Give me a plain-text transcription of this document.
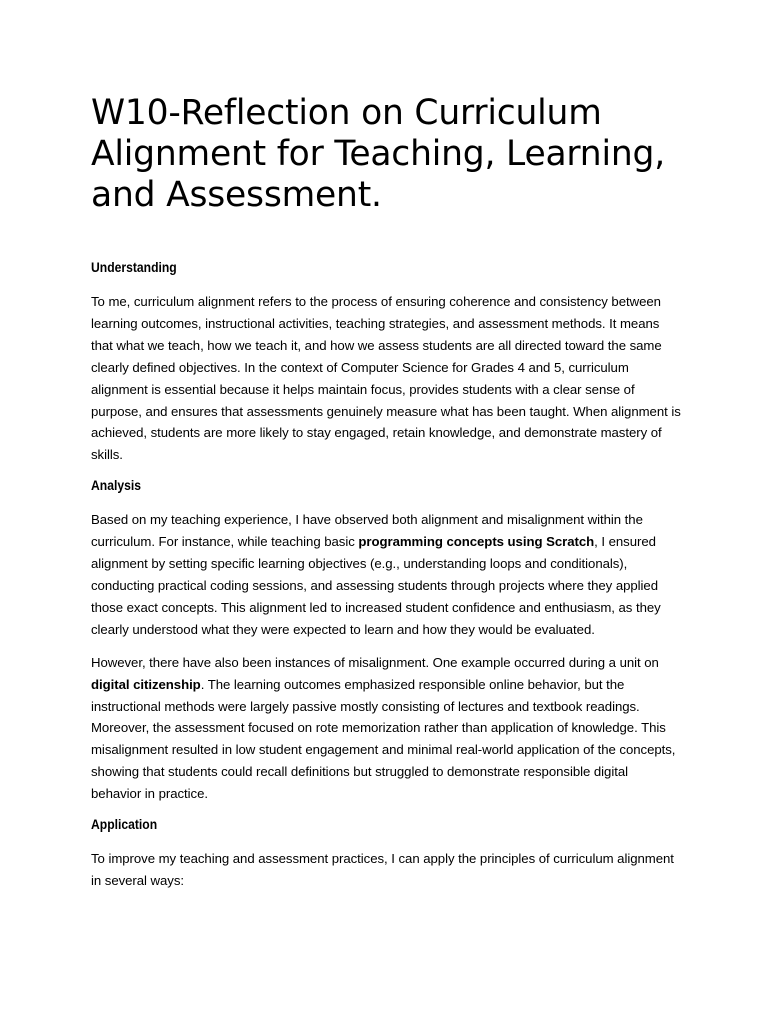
W10-Reflection on Curriculum Alignment for Teaching, Learning, and Assessment.
Understanding

To me, curriculum alignment refers to the process of ensuring coherence and consistency between learning outcomes, instructional activities, teaching strategies, and assessment methods. It means that what we teach, how we teach it, and how we assess students are all directed toward the same clearly defined objectives. In the context of Computer Science for Grades 4 and 5, curriculum alignment is essential because it helps maintain focus, provides students with a clear sense of purpose, and ensures that assessments genuinely measure what has been taught. When alignment is achieved, students are more likely to stay engaged, retain knowledge, and demonstrate mastery of skills.

Analysis

Based on my teaching experience, I have observed both alignment and misalignment within the curriculum. For instance, while teaching basic programming concepts using Scratch, I ensured alignment by setting specific learning objectives (e.g., understanding loops and conditionals), conducting practical coding sessions, and assessing students through projects where they applied those exact concepts. This alignment led to increased student confidence and enthusiasm, as they clearly understood what they were expected to learn and how they would be evaluated.

However, there have also been instances of misalignment. One example occurred during a unit on digital citizenship. The learning outcomes emphasized responsible online behavior, but the instructional methods were largely passive mostly consisting of lectures and textbook readings. Moreover, the assessment focused on rote memorization rather than application of knowledge. This misalignment resulted in low student engagement and minimal real-world application of the concepts, showing that students could recall definitions but struggled to demonstrate responsible digital behavior in practice.

Application

To improve my teaching and assessment practices, I can apply the principles of curriculum alignment in several ways:
